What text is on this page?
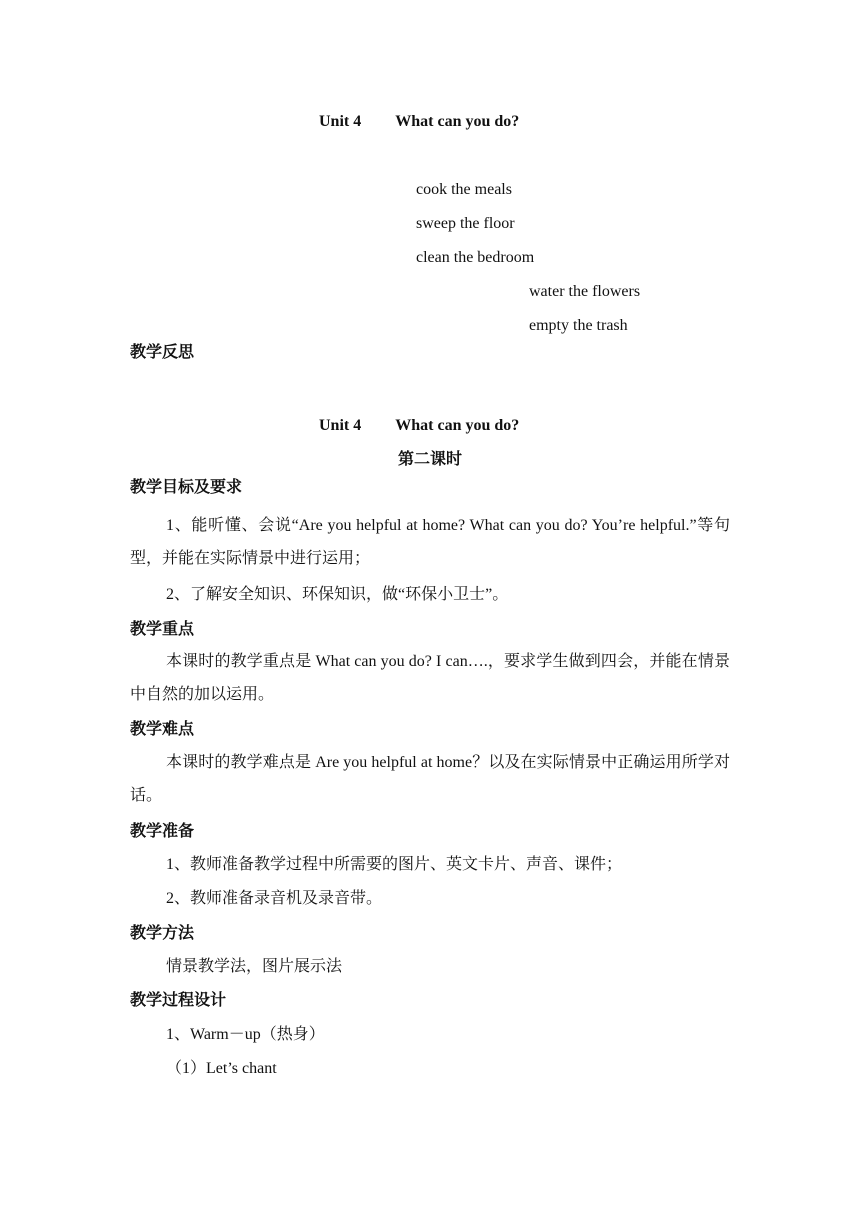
Unit 4 What can you do?
cook the meals
sweep the floor
clean the bedroom
water the flowers
empty the trash
教学反思
Unit 4 What can you do?
第二课时
教学目标及要求
1、能听懂、会说“Are you helpful at home? What can you do? You’re helpful.”等句型，并能在实际情景中进行运用；
2、了解安全知识、环保知识，做“环保小卫士”。
教学重点
本课时的教学重点是 What can you do? I can….，要求学生做到四会，并能在情景中自然的加以运用。
教学难点
本课时的教学难点是 Are you helpful at home？以及在实际情景中正确运用所学对话。
教学准备
1、教师准备教学过程中所需要的图片、英文卡片、声音、课件；
2、教师准备录音机及录音带。
教学方法
情景教学法，图片展示法
教学过程设计
1、Warm－up（热身）
（1）Let’s chant
